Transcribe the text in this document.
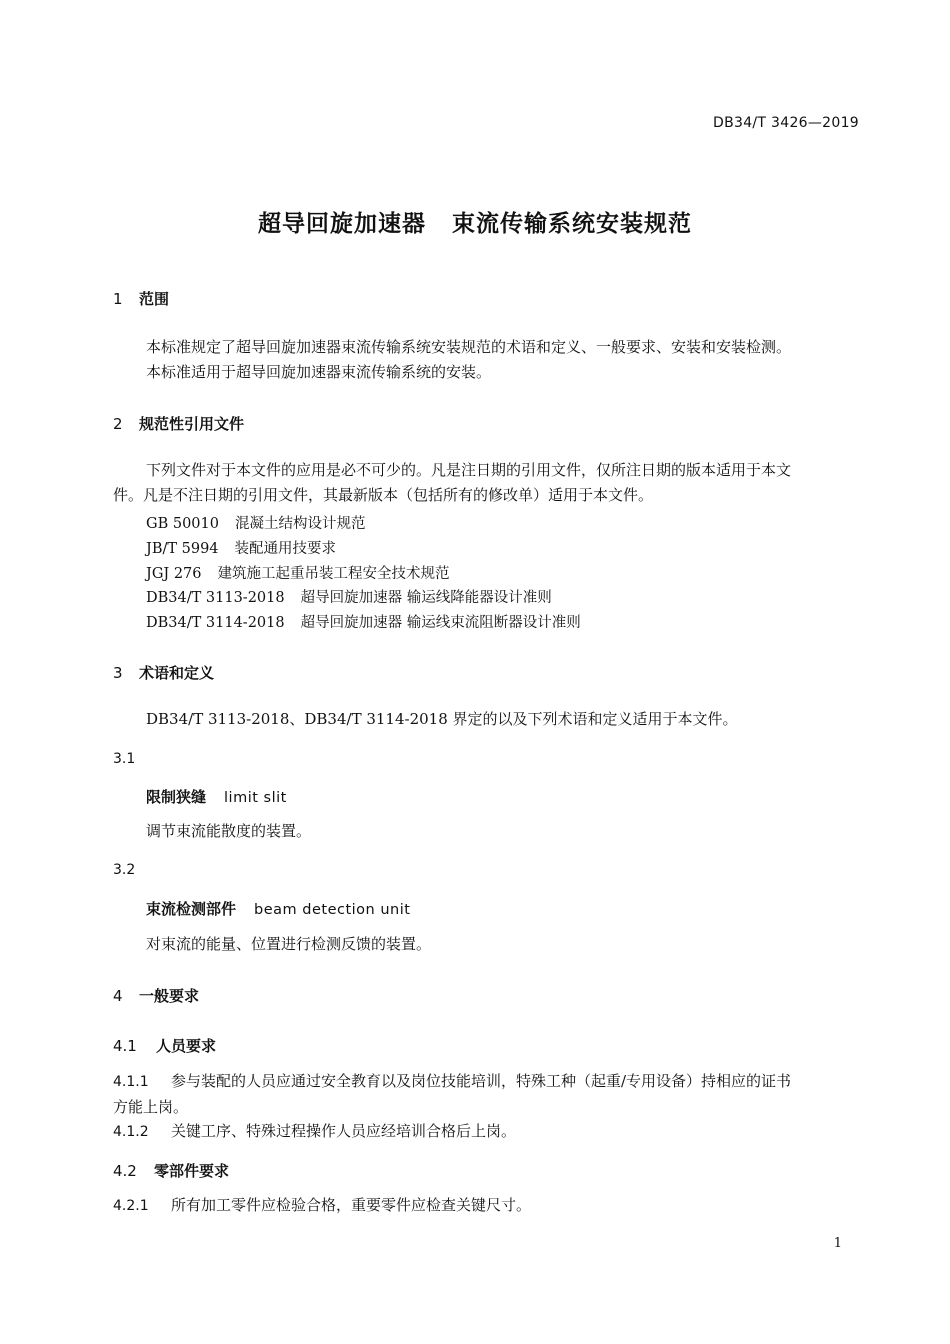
DB34/T 3426—2019
超导回旋加速器 束流传输系统安装规范
1 范围
本标准规定了超导回旋加速器束流传输系统安装规范的术语和定义、一般要求、安装和安装检测。
本标准适用于超导回旋加速器束流传输系统的安装。
2 规范性引用文件
下列文件对于本文件的应用是必不可少的。凡是注日期的引用文件，仅所注日期的版本适用于本文
件。凡是不注日期的引用文件，其最新版本（包括所有的修改单）适用于本文件。
GB 50010 混凝土结构设计规范
JB/T 5994 装配通用技要求
JGJ 276 建筑施工起重吊装工程安全技术规范
DB34/T 3113-2018 超导回旋加速器 输运线降能器设计准则
DB34/T 3114-2018 超导回旋加速器 输运线束流阻断器设计准则
3 术语和定义
DB34/T 3113-2018、DB34/T 3114-2018 界定的以及下列术语和定义适用于本文件。
3.1
限制狭缝 limit slit
调节束流能散度的装置。
3.2
束流检测部件 beam detection unit
对束流的能量、位置进行检测反馈的装置。
4 一般要求
4.1 人员要求
4.1.1 参与装配的人员应通过安全教育以及岗位技能培训，特殊工种（起重/专用设备）持相应的证书
方能上岗。
4.1.2 关键工序、特殊过程操作人员应经培训合格后上岗。
4.2 零部件要求
4.2.1 所有加工零件应检验合格，重要零件应检查关键尺寸。
1
